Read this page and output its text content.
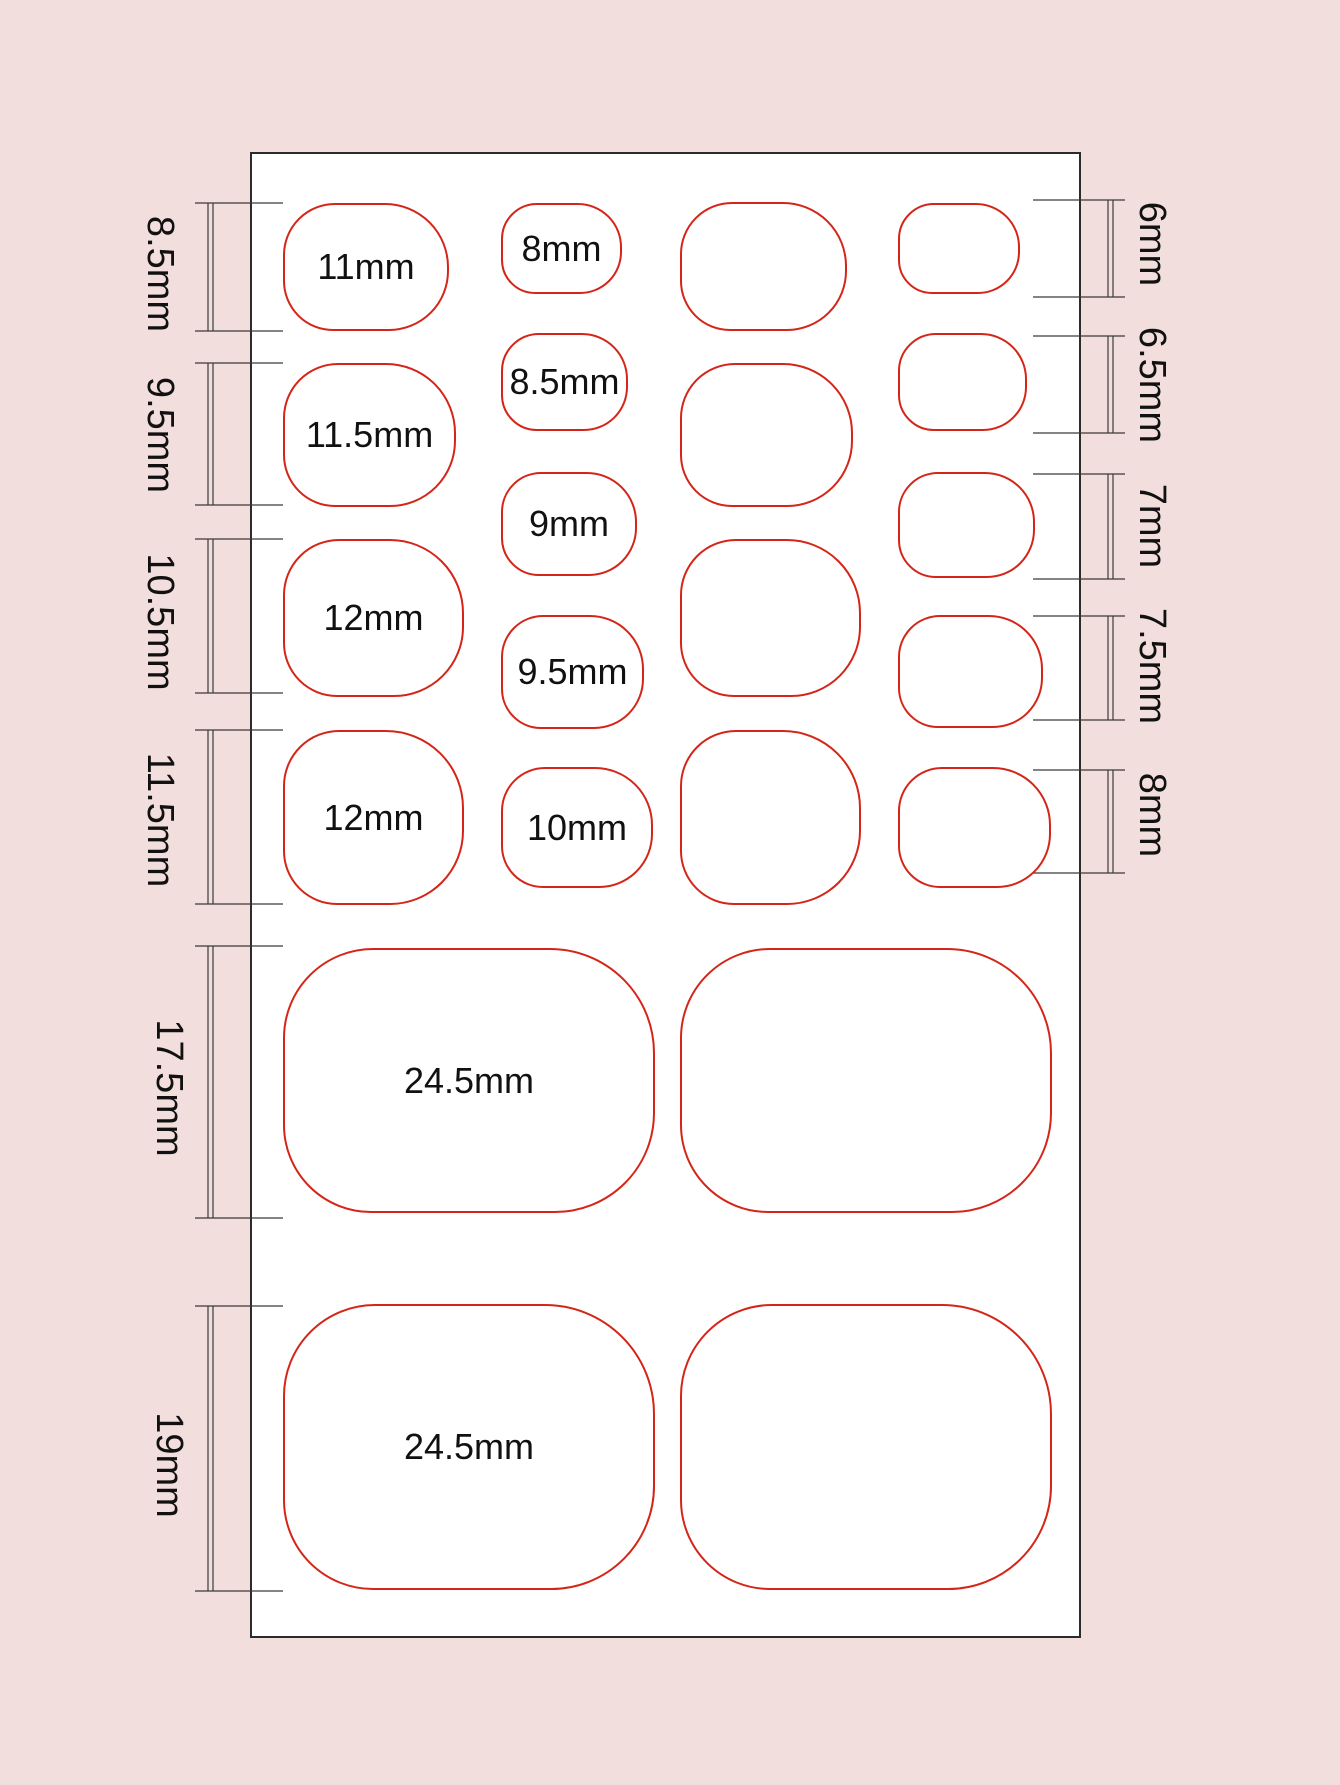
11mm
11.5mm
12mm
12mm
8mm
8.5mm
9mm
9.5mm
10mm
24.5mm
24.5mm
8.5mm
9.5mm
10.5mm
11.5mm
17.5mm
19mm
6mm
6.5mm
7mm
7.5mm
8mm
